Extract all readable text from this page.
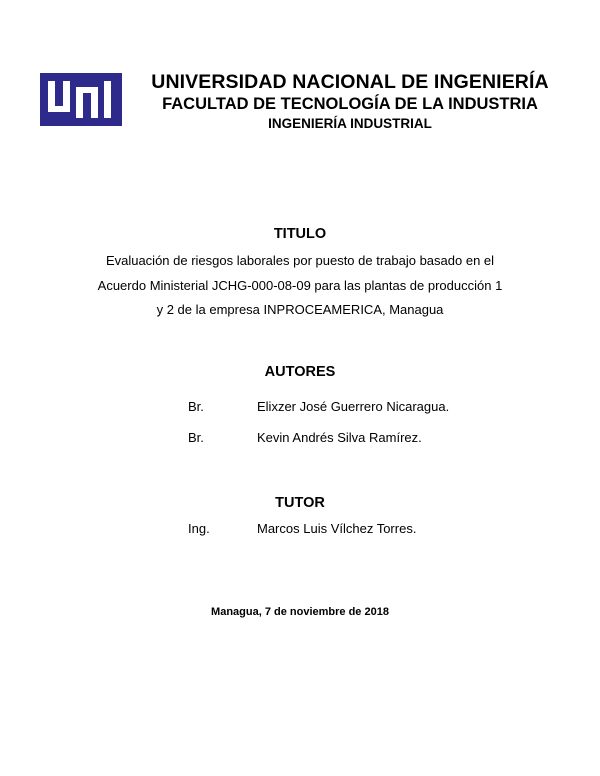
UNIVERSIDAD NACIONAL DE INGENIERÍA
FACULTAD DE TECNOLOGÍA DE LA INDUSTRIA
INGENIERÍA INDUSTRIAL
TITULO
Evaluación de riesgos laborales por puesto de trabajo basado en el
Acuerdo Ministerial JCHG-000-08-09 para las plantas de producción 1
y 2 de la empresa INPROCEAMERICA, Managua
AUTORES
Br.	Elixzer José Guerrero Nicaragua.
Br.	Kevin Andrés Silva Ramírez.
TUTOR
Ing.	Marcos Luis Vílchez Torres.
Managua, 7 de noviembre de 2018
